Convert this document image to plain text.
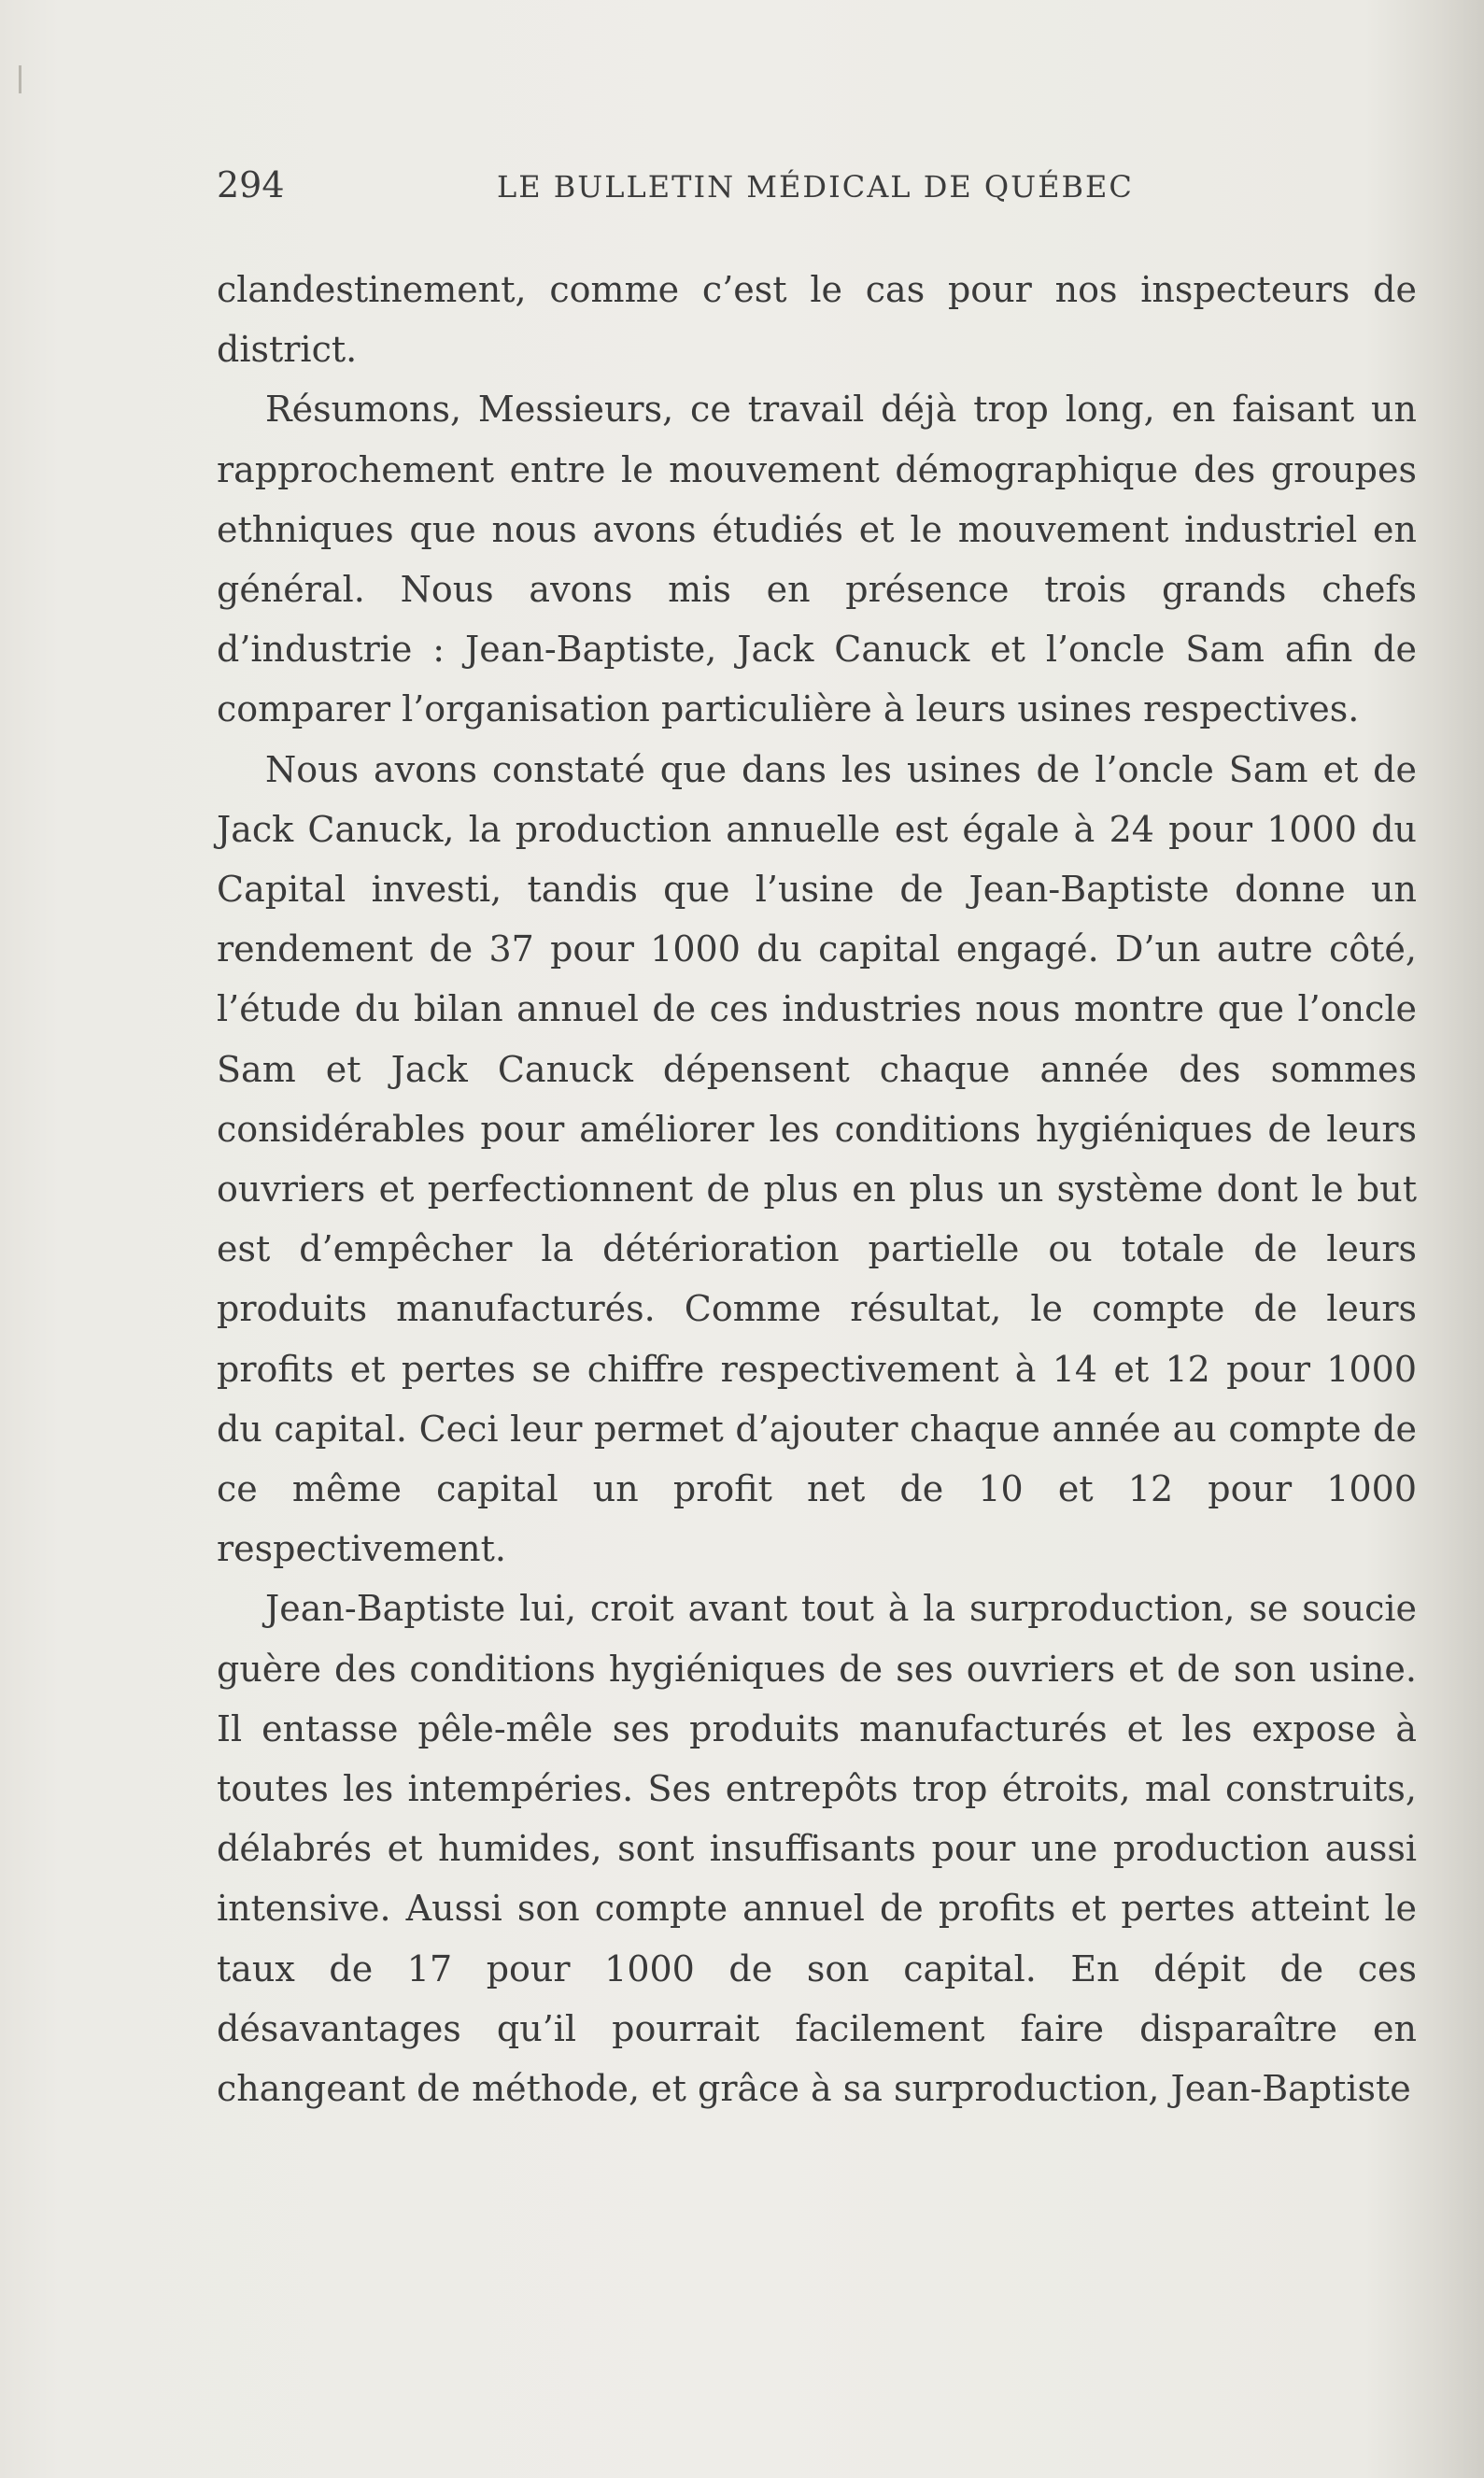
294	LE BULLETIN MÉDICAL DE QUÉBEC

clandestinement, comme c’est le cas pour nos inspecteurs de district.

Résumons, Messieurs, ce travail déjà trop long, en faisant un rapprochement entre le mouvement démographique des groupes ethniques que nous avons étudiés et le mouvement industriel en général. Nous avons mis en présence trois grands chefs d’industrie : Jean-Baptiste, Jack Canuck et l’oncle Sam afin de comparer l’organisation particulière à leurs usines respectives.

Nous avons constaté que dans les usines de l’oncle Sam et de Jack Canuck, la production annuelle est égale à 24 pour 1000 du Capital investi, tandis que l’usine de Jean-Baptiste donne un rendement de 37 pour 1000 du capital engagé. D’un autre côté, l’étude du bilan annuel de ces industries nous montre que l’oncle Sam et Jack Canuck dépensent chaque année des sommes considérables pour améliorer les conditions hygiéniques de leurs ouvriers et perfectionnent de plus en plus un système dont le but est d’empêcher la détérioration partielle ou totale de leurs produits manufacturés. Comme résultat, le compte de leurs profits et pertes se chiffre respectivement à 14 et 12 pour 1000 du capital. Ceci leur permet d’ajouter chaque année au compte de ce même capital un profit net de 10 et 12 pour 1000 respectivement.

Jean-Baptiste lui, croit avant tout à la surproduction, se soucie guère des conditions hygiéniques de ses ouvriers et de son usine. Il entasse pêle-mêle ses produits manufacturés et les expose à toutes les intempéries. Ses entrepôts trop étroits, mal construits, délabrés et humides, sont insuffisants pour une production aussi intensive. Aussi son compte annuel de profits et pertes atteint le taux de 17 pour 1000 de son capital. En dépit de ces désavantages qu’il pourrait facilement faire disparaître en changeant de méthode, et grâce à sa surproduction, Jean-Baptiste
